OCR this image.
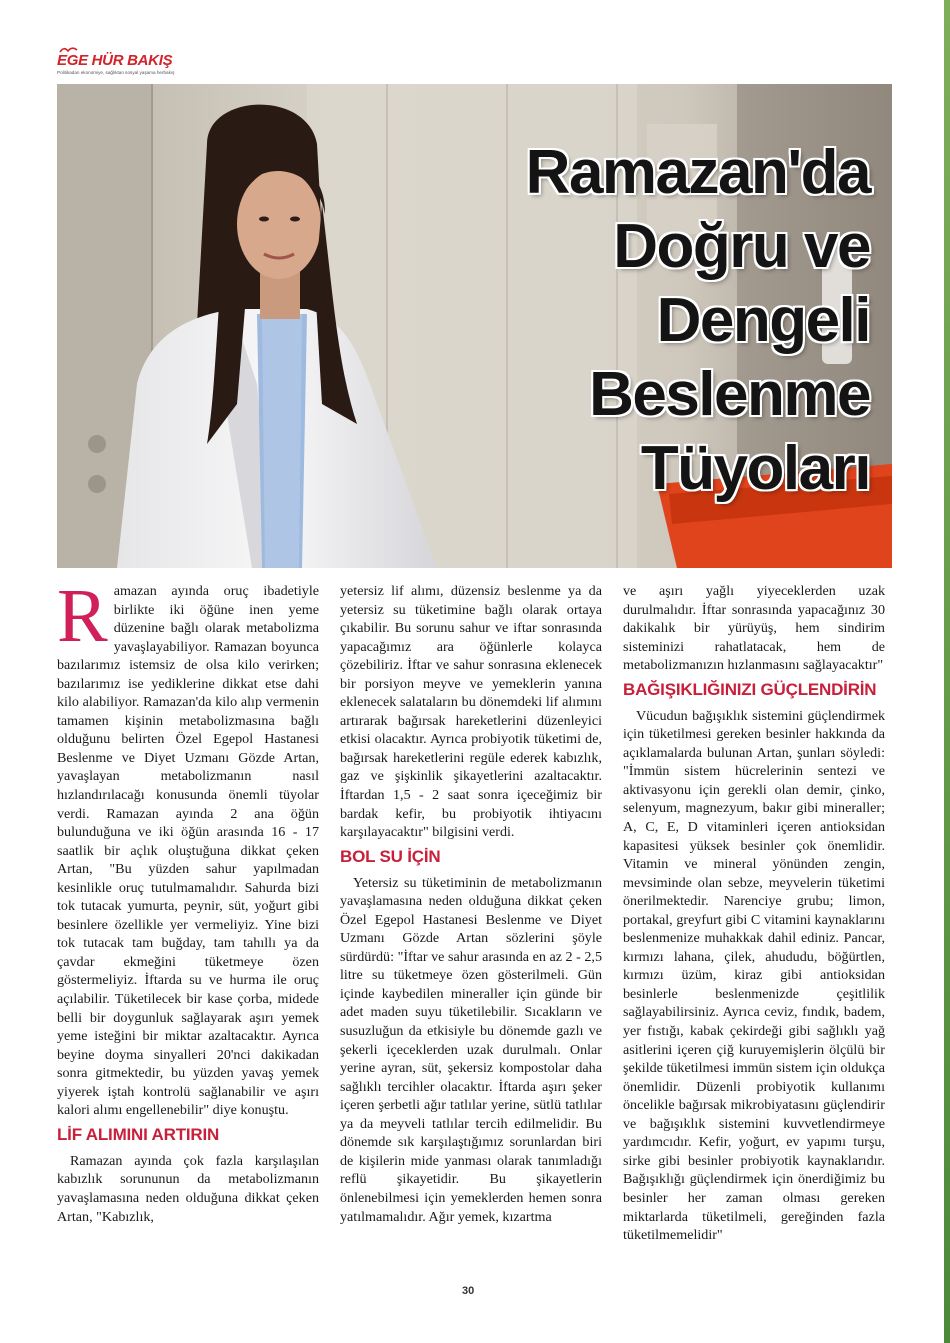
EGE HÜR BAKIŞ
Politikadan ekonomiye, sağlıktan sosyal yaşama herbakış
Ramazan'da
Doğru ve
Dengeli
Beslenme
Tüyoları
R amazan ayında oruç ibadetiyle birlikte iki öğüne inen yeme düzenine bağlı olarak metabolizma yavaşlayabiliyor. Ramazan boyunca bazılarımız istemsiz de olsa kilo verirken; bazılarımız ise yediklerine dikkat etse dahi kilo alabiliyor. Ramazan'da kilo alıp vermenin tamamen kişinin metabolizmasına bağlı olduğunu belirten Özel Egepol Hastanesi Beslenme ve Diyet Uzmanı Gözde Artan, yavaşlayan metabolizmanın nasıl hızlandırılacağı konusunda önemli tüyolar verdi. Ramazan ayında 2 ana öğün bulunduğuna ve iki öğün arasında 16 - 17 saatlik bir açlık oluştuğuna dikkat çeken Artan, "Bu yüzden sahur yapılmadan kesinlikle oruç tutulmamalıdır. Sahurda bizi tok tutacak yumurta, peynir, süt, yoğurt gibi besinlere özellikle yer vermeliyiz. Yine bizi tok tutacak tam buğday, tam tahıllı ya da çavdar ekmeğini tüketmeye özen göstermeliyiz. İftarda su ve hurma ile oruç açılabilir. Tüketilecek bir kase çorba, midede belli bir doygunluk sağlayarak aşırı yemek yeme isteğini bir miktar azaltacaktır. Ayrıca beyine doyma sinyalleri 20'nci dakikadan sonra gitmektedir, bu yüzden yavaş yemek yiyerek iştah kontrolü sağlanabilir ve aşırı kalori alımı engellenebilir" diye konuştu.

LİF ALIMINI ARTIRIN

Ramazan ayında çok fazla karşılaşılan kabızlık sorununun da metabolizmanın yavaşlamasına neden olduğuna dikkat çeken Artan, "Kabızlık,

yetersiz lif alımı, düzensiz beslenme ya da yetersiz su tüketimine bağlı olarak ortaya çıkabilir. Bu sorunu sahur ve iftar sonrasında yapacağımız ara öğünlerle kolayca çözebiliriz. İftar ve sahur sonrasına eklenecek bir porsiyon meyve ve yemeklerin yanına eklenecek salataların bu dönemdeki lif alımını artırarak bağırsak hareketlerini düzenleyici etkisi olacaktır. Ayrıca probiyotik tüketimi de, bağırsak hareketlerini regüle ederek kabızlık, gaz ve şişkinlik şikayetlerini azaltacaktır. İftardan 1,5 - 2 saat sonra içeceğimiz bir bardak kefir, bu probiyotik ihtiyacını karşılayacaktır" bilgisini verdi.

BOL SU İÇİN

Yetersiz su tüketiminin de metabolizmanın yavaşlamasına neden olduğuna dikkat çeken Özel Egepol Hastanesi Beslenme ve Diyet Uzmanı Gözde Artan sözlerini şöyle sürdürdü: "İftar ve sahur arasında en az 2 - 2,5 litre su tüketmeye özen gösterilmeli. Gün içinde kaybedilen mineraller için günde bir adet maden suyu tüketilebilir. Sıcakların ve susuzluğun da etkisiyle bu dönemde gazlı ve şekerli içeceklerden uzak durulmalı. Onlar yerine ayran, süt, şekersiz kompostolar daha sağlıklı tercihler olacaktır. İftarda aşırı şeker içeren şerbetli ağır tatlılar yerine, sütlü tatlılar ya da meyveli tatlılar tercih edilmelidir. Bu dönemde sık karşılaştığımız sorunlardan biri de kişilerin mide yanması olarak tanımladığı reflü şikayetidir. Bu şikayetlerin önlenebilmesi için yemeklerden hemen sonra yatılmamalıdır. Ağır yemek, kızartma

ve aşırı yağlı yiyeceklerden uzak durulmalıdır. İftar sonrasında yapacağınız 30 dakikalık bir yürüyüş, hem sindirim sisteminizi rahatlatacak, hem de metabolizmanızın hızlanmasını sağlayacaktır"

BAĞIŞIKLIĞINIZI GÜÇLENDİRİN

Vücudun bağışıklık sistemini güçlendirmek için tüketilmesi gereken besinler hakkında da açıklamalarda bulunan Artan, şunları söyledi: "İmmün sistem hücrelerinin sentezi ve aktivasyonu için gerekli olan demir, çinko, selenyum, magnezyum, bakır gibi mineraller; A, C, E, D vitaminleri içeren antioksidan kapasitesi yüksek besinler çok önemlidir. Vitamin ve mineral yönünden zengin, mevsiminde olan sebze, meyvelerin tüketimi önerilmektedir. Narenciye grubu; limon, portakal, greyfurt gibi C vitamini kaynaklarını beslenmenize muhakkak dahil ediniz. Pancar, kırmızı lahana, çilek, ahududu, böğürtlen, kırmızı üzüm, kiraz gibi antioksidan besinlerle beslenmenizde çeşitlilik sağlayabilirsiniz. Ayrıca ceviz, fındık, badem, yer fıstığı, kabak çekirdeği gibi sağlıklı yağ asitlerini içeren çiğ kuruyemişlerin ölçülü bir şekilde tüketilmesi immün sistem için oldukça önemlidir. Düzenli probiyotik kullanımı öncelikle bağırsak mikrobiyatasını güçlendirir ve bağışıklık sistemini kuvvetlendirmeye yardımcıdır. Kefir, yoğurt, ev yapımı turşu, sirke gibi besinler probiyotik kaynaklarıdır. Bağışıklığı güçlendirmek için önerdiğimiz bu besinler her zaman olması gereken miktarlarda tüketilmeli, gereğinden fazla tüketilmemelidir"

30
